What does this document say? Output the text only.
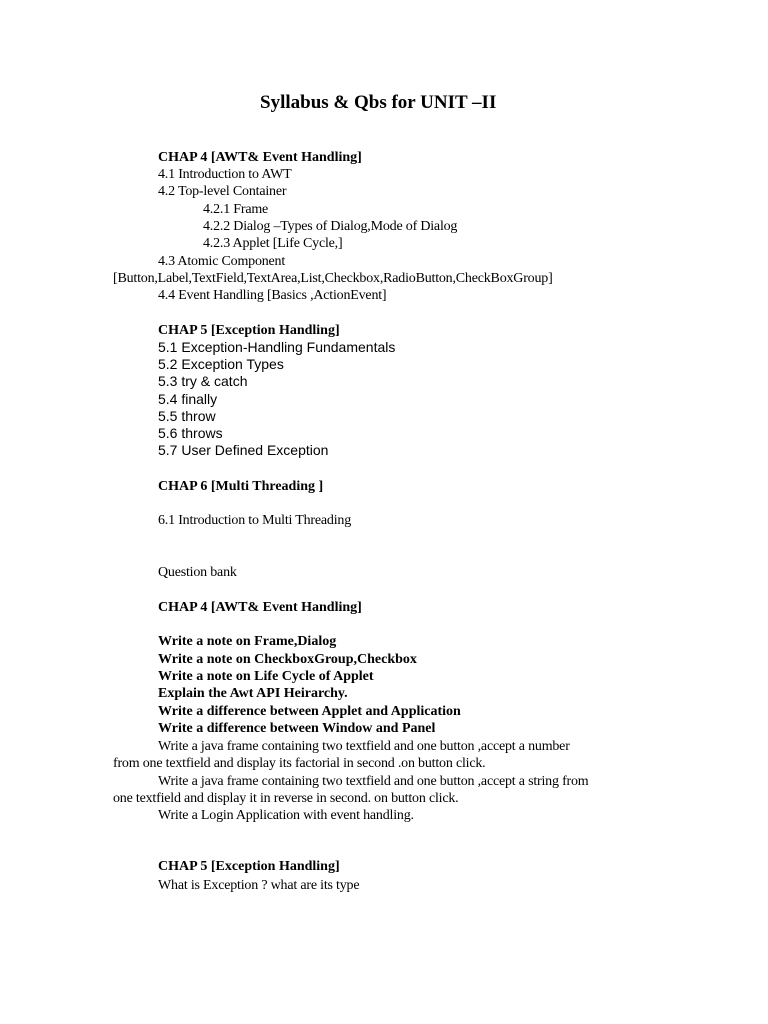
Syllabus & Qbs for UNIT –II
CHAP 4 [AWT& Event Handling]
4.1 Introduction to AWT
4.2 Top-level Container
4.2.1 Frame
4.2.2 Dialog –Types of Dialog,Mode of Dialog
4.2.3 Applet [Life Cycle,]
4.3 Atomic Component
[Button,Label,TextField,TextArea,List,Checkbox,RadioButton,CheckBoxGroup]
4.4 Event Handling [Basics ,ActionEvent]
CHAP 5 [Exception Handling]
5.1 Exception-Handling Fundamentals
5.2 Exception Types
5.3 try & catch
5.4 finally
5.5 throw
5.6 throws
5.7 User Defined Exception
CHAP 6 [Multi Threading ]
6.1 Introduction to Multi Threading
Question bank
CHAP 4 [AWT& Event Handling]
Write a note on Frame,Dialog
Write a note on CheckboxGroup,Checkbox
Write a note on Life Cycle of Applet
Explain the Awt API Heirarchy.
Write a difference between Applet and Application
Write a difference between Window and Panel
Write a java frame containing two textfield and one button ,accept a number
from one textfield and display its factorial in second .on button click.
Write a java frame containing two textfield and one button ,accept a string from
one textfield and display it in reverse in second. on button click.
Write a Login Application with event handling.
CHAP 5 [Exception Handling]
What is Exception ? what are its type
